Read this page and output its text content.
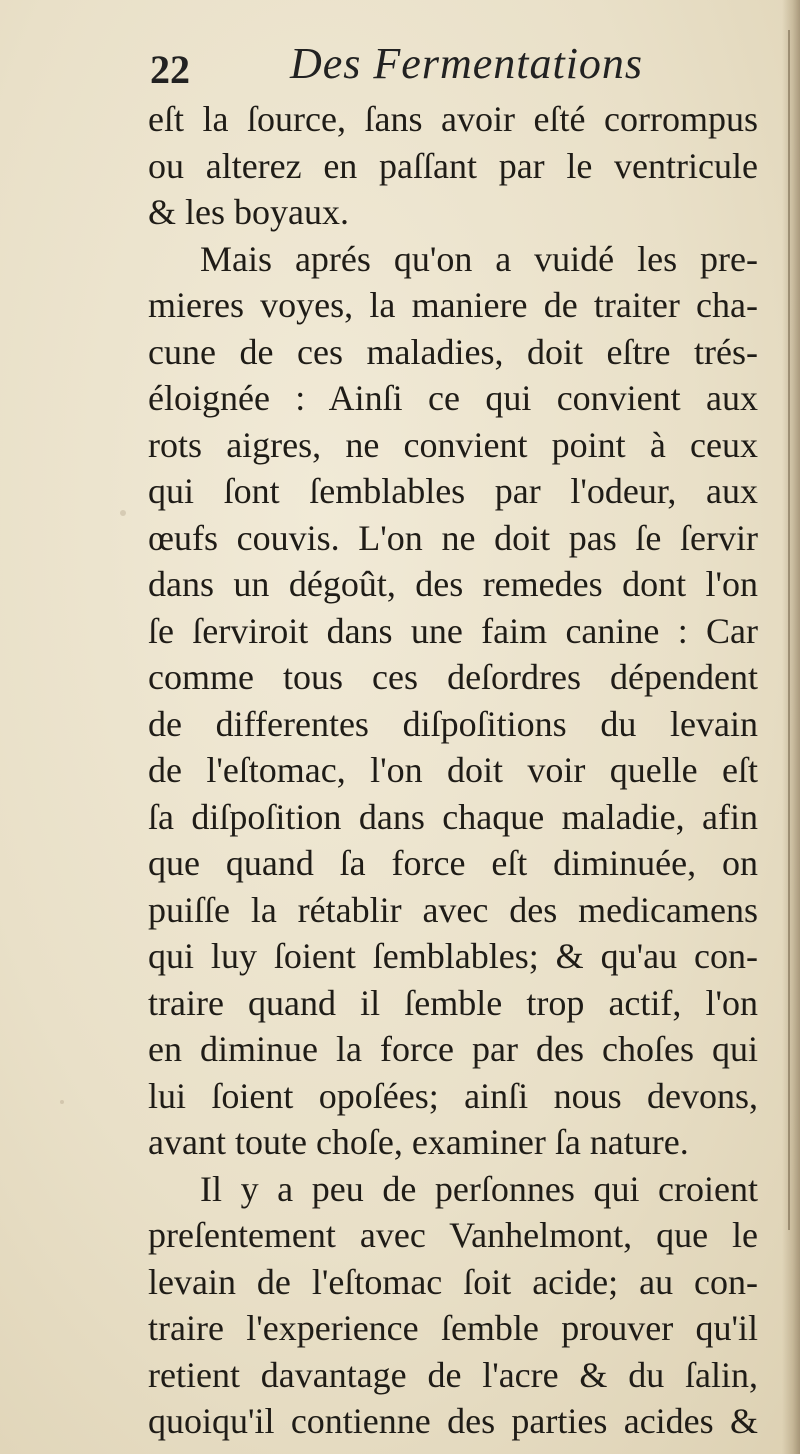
22 Des Fermentations
eſt la ſource, ſans avoir eſté corrompus
ou alterez en paſſant par le ventricule
& les boyaux.
Mais aprés qu'on a vuidé les pre-
mieres voyes, la maniere de traiter cha-
cune de ces maladies, doit eſtre trés-
éloignée : Ainſi ce qui convient aux
rots aigres, ne convient point à ceux
qui ſont ſemblables par l'odeur, aux
œufs couvis. L'on ne doit pas ſe ſervir
dans un dégoût, des remedes dont l'on
ſe ſerviroit dans une faim canine : Car
comme tous ces deſordres dépendent
de differentes diſpoſitions du levain
de l'eſtomac, l'on doit voir quelle eſt
ſa diſpoſition dans chaque maladie, afin
que quand ſa force eſt diminuée, on
puiſſe la rétablir avec des medicamens
qui luy ſoient ſemblables; & qu'au con-
traire quand il ſemble trop actif, l'on
en diminue la force par des choſes qui
lui ſoient opoſées; ainſi nous devons,
avant toute choſe, examiner ſa nature.
Il y a peu de perſonnes qui croient
preſentement avec Vanhelmont, que le
levain de l'eſtomac ſoit acide; au con-
traire l'experience ſemble prouver qu'il
retient davantage de l'acre & du ſalin,
quoiqu'il contienne des parties acides &
